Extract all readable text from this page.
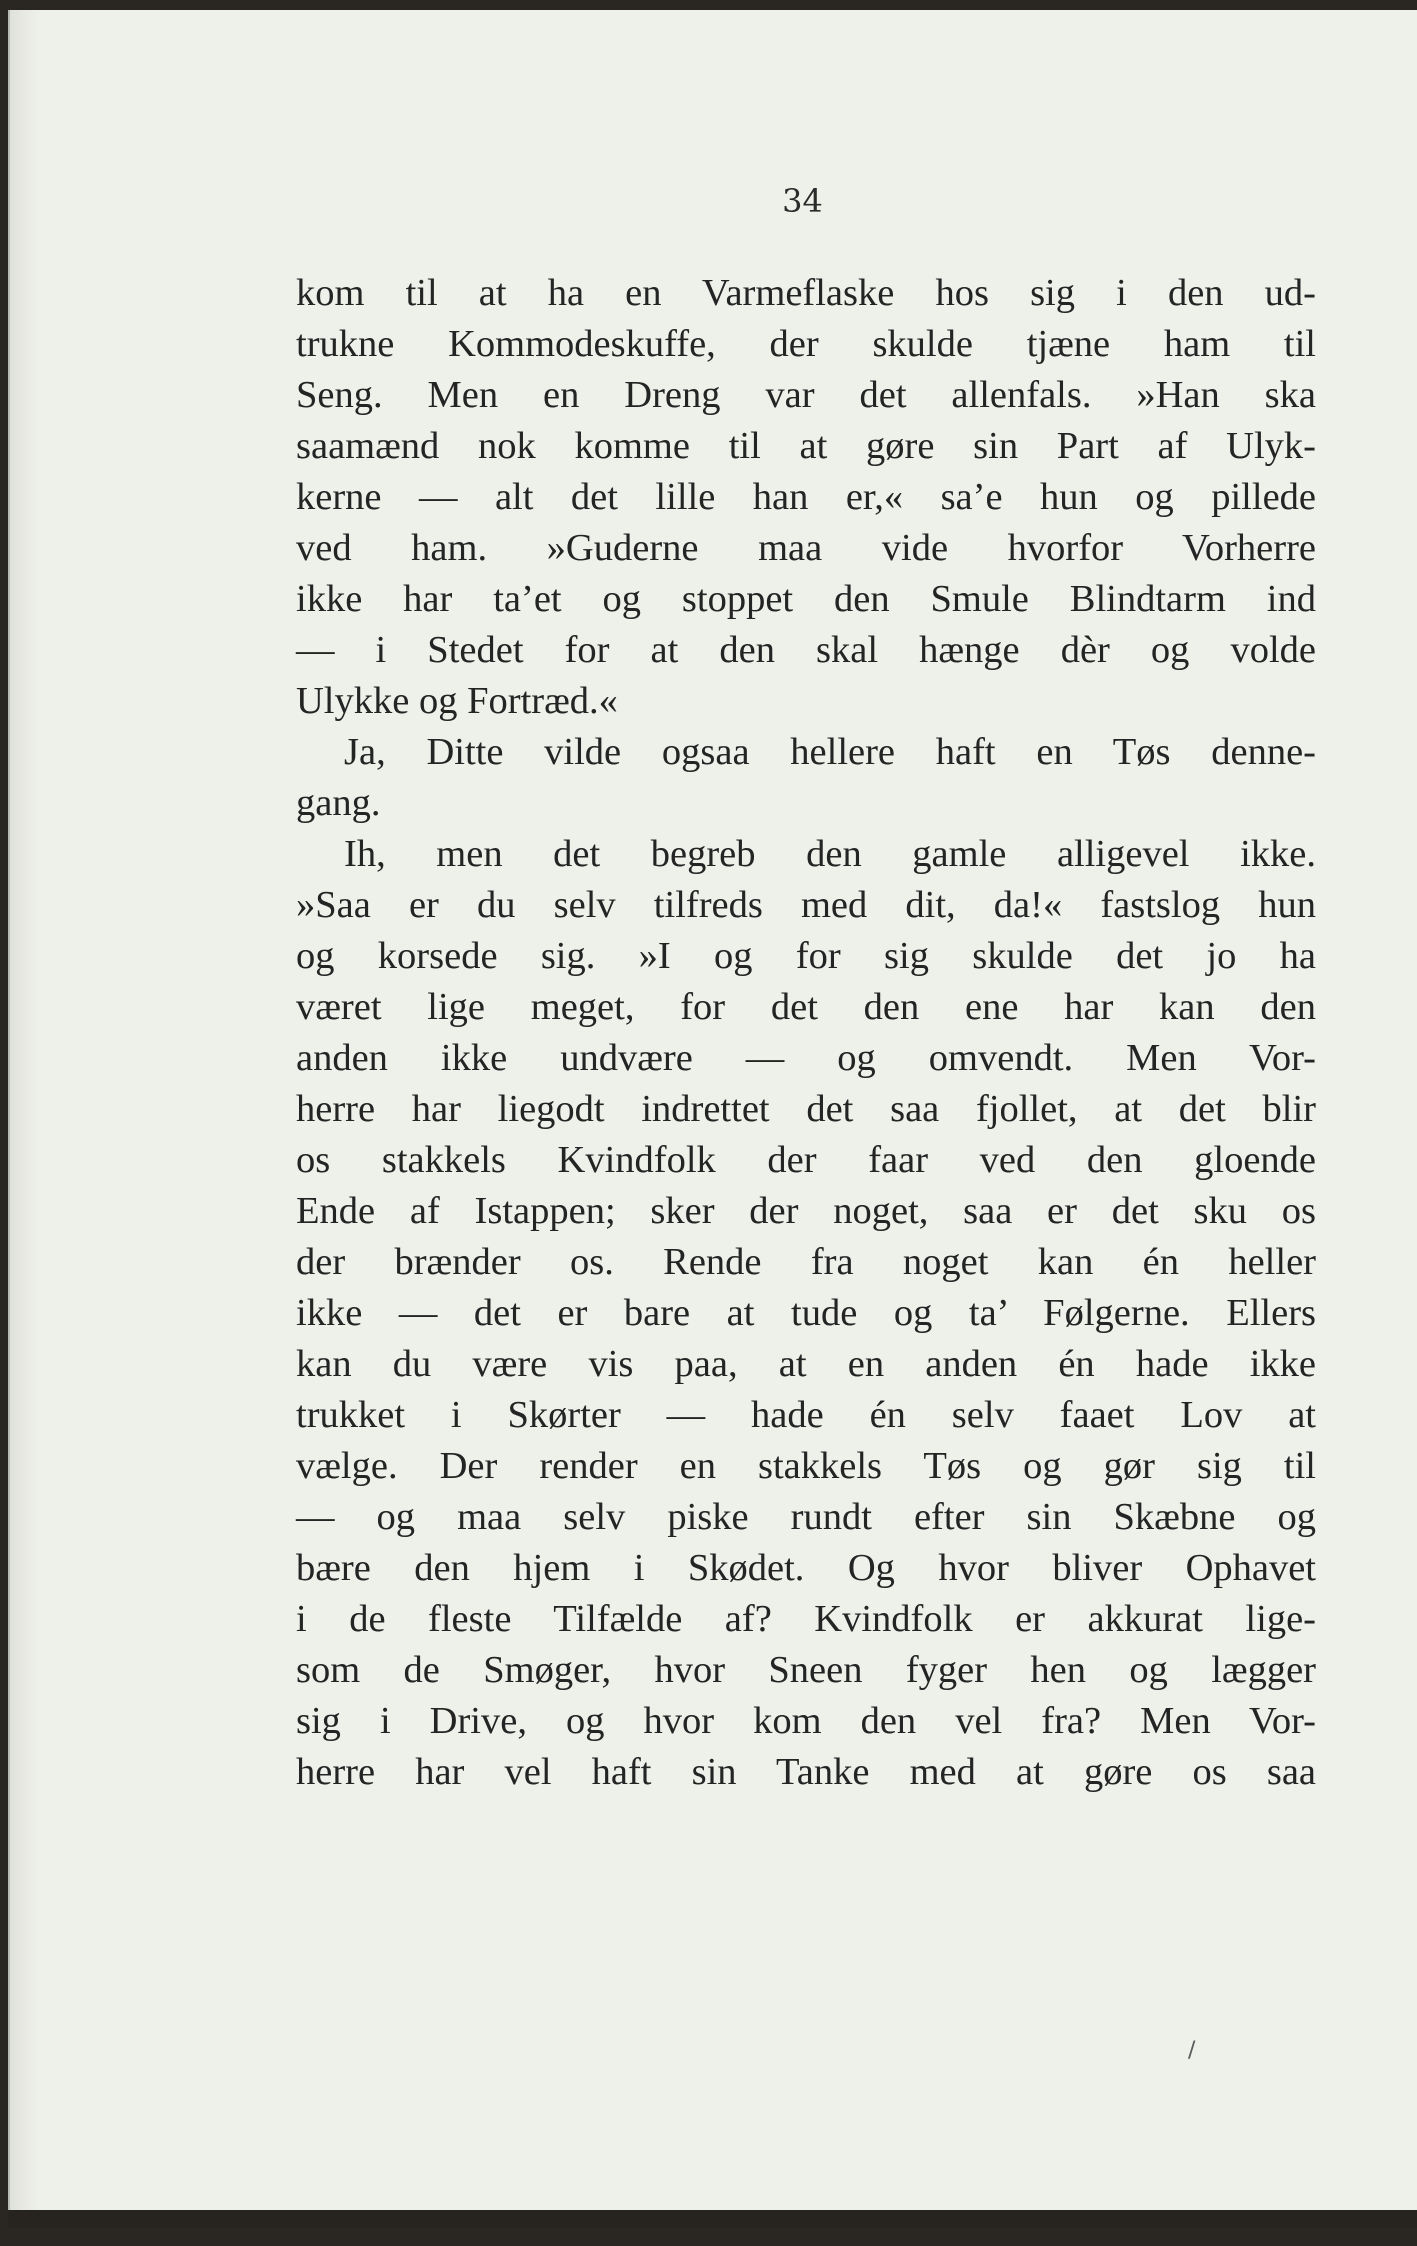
34
kom til at ha en Varmeflaske hos sig i den ud-
trukne Kommodeskuffe, der skulde tjæne ham til
Seng. Men en Dreng var det allenfals. »Han ska
saamænd nok komme til at gøre sin Part af Ulyk-
kerne — alt det lille han er,« sa’e hun og pillede
ved ham. »Guderne maa vide hvorfor Vorherre
ikke har ta’et og stoppet den Smule Blindtarm ind
— i Stedet for at den skal hænge dèr og volde
Ulykke og Fortræd.«
Ja, Ditte vilde ogsaa hellere haft en Tøs denne-
gang.
Ih, men det begreb den gamle alligevel ikke.
»Saa er du selv tilfreds med dit, da!« fastslog hun
og korsede sig. »I og for sig skulde det jo ha
været lige meget, for det den ene har kan den
anden ikke undvære — og omvendt. Men Vor-
herre har liegodt indrettet det saa fjollet, at det blir
os stakkels Kvindfolk der faar ved den gloende
Ende af Istappen; sker der noget, saa er det sku os
der brænder os. Rende fra noget kan én heller
ikke — det er bare at tude og ta’ Følgerne. Ellers
kan du være vis paa, at en anden én hade ikke
trukket i Skørter — hade én selv faaet Lov at
vælge. Der render en stakkels Tøs og gør sig til
— og maa selv piske rundt efter sin Skæbne og
bære den hjem i Skødet. Og hvor bliver Ophavet
i de fleste Tilfælde af? Kvindfolk er akkurat lige-
som de Smøger, hvor Sneen fyger hen og lægger
sig i Drive, og hvor kom den vel fra? Men Vor-
herre har vel haft sin Tanke med at gøre os saa
/
